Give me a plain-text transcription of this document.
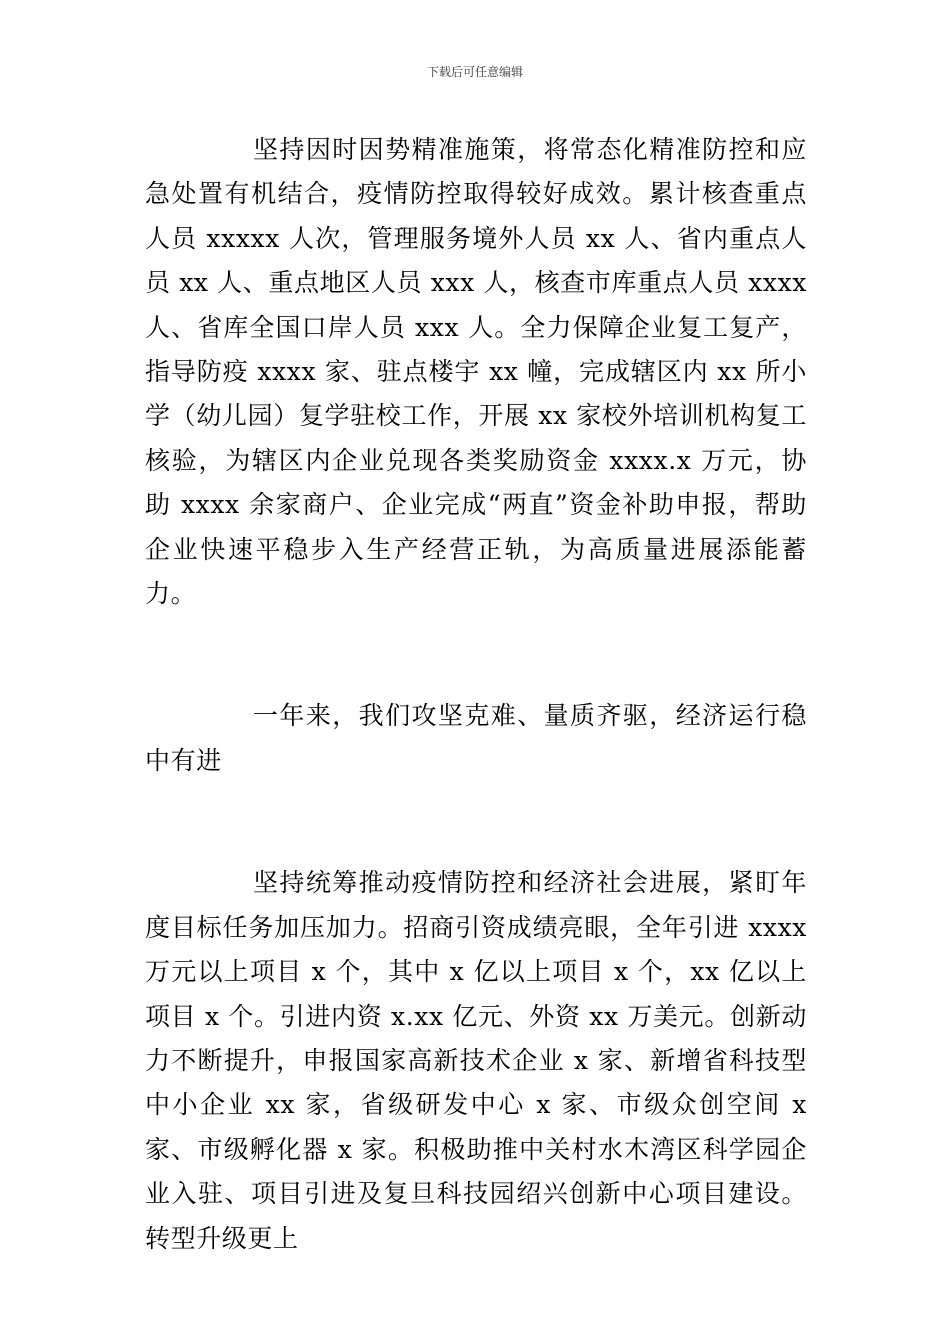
下载后可任意编辑

坚持因时因势精准施策，将常态化精准防控和应急处置有机结合，疫情防控取得较好成效。累计核查重点人员 xxxxx 人次，管理服务境外人员 xx 人、省内重点人员 xx 人、重点地区人员 xxx 人，核查市库重点人员 xxxx 人、省库全国口岸人员 xxx 人。全力保障企业复工复产，指导防疫 xxxx 家、驻点楼宇 xx 幢，完成辖区内 xx 所小学（幼儿园）复学驻校工作，开展 xx 家校外培训机构复工核验，为辖区内企业兑现各类奖励资金 xxxx.x 万元，协助 xxxx 余家商户、企业完成“两直”资金补助申报，帮助企业快速平稳步入生产经营正轨，为高质量进展添能蓄力。

一年来，我们攻坚克难、量质齐驱，经济运行稳中有进

坚持统筹推动疫情防控和经济社会进展，紧盯年度目标任务加压加力。招商引资成绩亮眼，全年引进 xxxx 万元以上项目 x 个，其中 x 亿以上项目 x 个，xx 亿以上项目 x 个。引进内资 x.xx 亿元、外资 xx 万美元。创新动力不断提升，申报国家高新技术企业 x 家、新增省科技型中小企业 xx 家，省级研发中心 x 家、市级众创空间 x 家、市级孵化器 x 家。积极助推中关村水木湾区科学园企业入驻、项目引进及复旦科技园绍兴创新中心项目建设。转型升级更上
